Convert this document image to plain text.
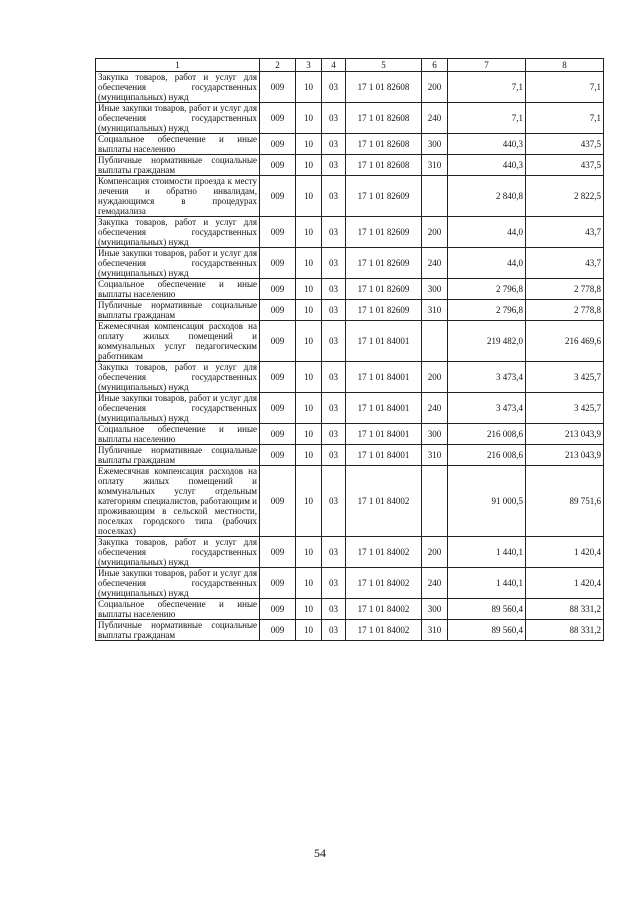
1	2	3	4	5	6	7	8
Закупка товаров, работ и услуг для обеспечения государственных (муниципальных) нужд	009	10	03	17 1 01 82608	200	7,1	7,1
Иные закупки товаров, работ и услуг для обеспечения государственных (муниципальных) нужд	009	10	03	17 1 01 82608	240	7,1	7,1
Социальное обеспечение и иные выплаты населению	009	10	03	17 1 01 82608	300	440,3	437,5
Публичные нормативные социальные выплаты гражданам	009	10	03	17 1 01 82608	310	440,3	437,5
Компенсация стоимости проезда к месту лечения и обратно инвалидам, нуждающимся в процедурах гемодиализа	009	10	03	17 1 01 82609		2 840,8	2 822,5
Закупка товаров, работ и услуг для обеспечения государственных (муниципальных) нужд	009	10	03	17 1 01 82609	200	44,0	43,7
Иные закупки товаров, работ и услуг для обеспечения государственных (муниципальных) нужд	009	10	03	17 1 01 82609	240	44,0	43,7
Социальное обеспечение и иные выплаты населению	009	10	03	17 1 01 82609	300	2 796,8	2 778,8
Публичные нормативные социальные выплаты гражданам	009	10	03	17 1 01 82609	310	2 796,8	2 778,8
Ежемесячная компенсация расходов на оплату жилых помещений и коммунальных услуг педагогическим работникам	009	10	03	17 1 01 84001		219 482,0	216 469,6
Закупка товаров, работ и услуг для обеспечения государственных (муниципальных) нужд	009	10	03	17 1 01 84001	200	3 473,4	3 425,7
Иные закупки товаров, работ и услуг для обеспечения государственных (муниципальных) нужд	009	10	03	17 1 01 84001	240	3 473,4	3 425,7
Социальное обеспечение и иные выплаты населению	009	10	03	17 1 01 84001	300	216 008,6	213 043,9
Публичные нормативные социальные выплаты гражданам	009	10	03	17 1 01 84001	310	216 008,6	213 043,9
Ежемесячная компенсация расходов на оплату жилых помещений и коммунальных услуг отдельным категориям специалистов, работающим и проживающим в сельской местности, поселках городского типа (рабочих поселках)	009	10	03	17 1 01 84002		91 000,5	89 751,6
Закупка товаров, работ и услуг для обеспечения государственных (муниципальных) нужд	009	10	03	17 1 01 84002	200	1 440,1	1 420,4
Иные закупки товаров, работ и услуг для обеспечения государственных (муниципальных) нужд	009	10	03	17 1 01 84002	240	1 440,1	1 420,4
Социальное обеспечение и иные выплаты населению	009	10	03	17 1 01 84002	300	89 560,4	88 331,2
Публичные нормативные социальные выплаты гражданам	009	10	03	17 1 01 84002	310	89 560,4	88 331,2
54
